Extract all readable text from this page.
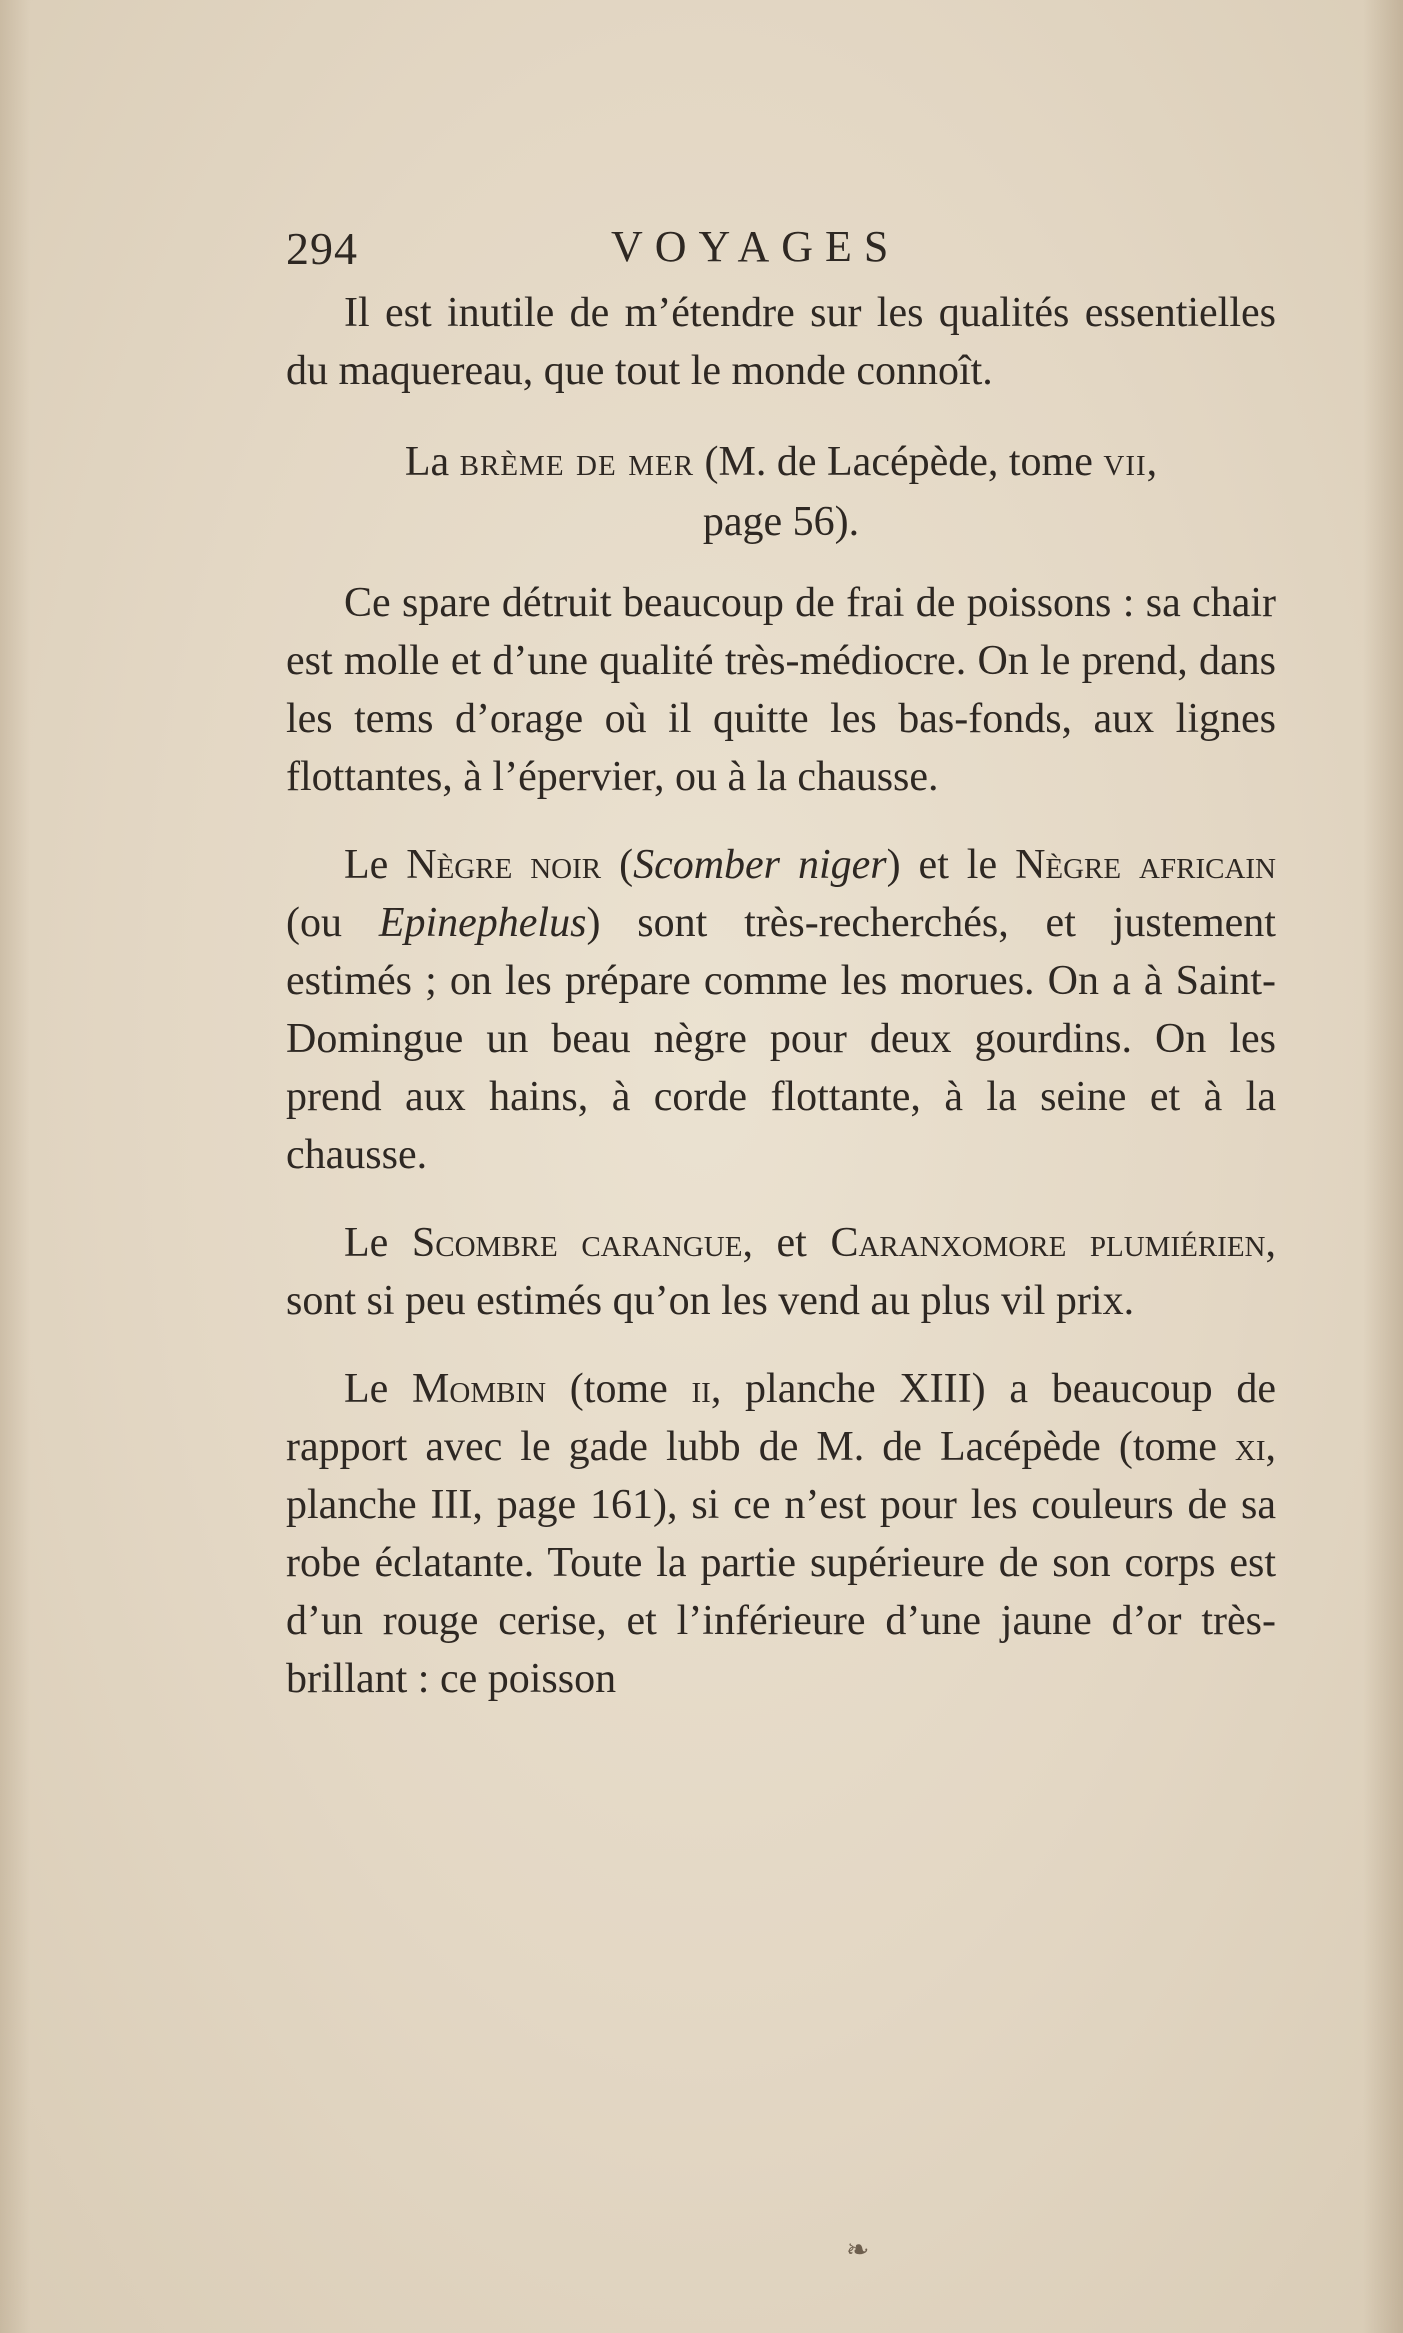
294	VOYAGES

Il est inutile de m’étendre sur les qualités essentielles du maquereau, que tout le monde connoît.

La brème de mer (M. de Lacépède, tome vii,
page 56).

Ce spare détruit beaucoup de frai de poissons : sa chair est molle et d’une qualité très-médiocre. On le prend, dans les tems d’orage où il quitte les bas-fonds, aux lignes flottantes, à l’épervier, ou à la chausse.

Le Nègre noir (Scomber niger) et le Nègre africain (ou Epinephelus) sont très-recherchés, et justement estimés ; on les prépare comme les morues. On a à Saint-Domingue un beau nègre pour deux gourdins. On les prend aux hains, à corde flottante, à la seine et à la chausse.

Le Scombre carangue, et Caranxomore plumiérien, sont si peu estimés qu’on les vend au plus vil prix.

Le Mombin (tome ii, planche XIII) a beaucoup de rapport avec le gade lubb de M. de Lacépède (tome xi, planche III, page 161), si ce n’est pour les couleurs de sa robe éclatante. Toute la partie supérieure de son corps est d’un rouge cerise, et l’inférieure d’une jaune d’or très-brillant : ce poisson

❧
